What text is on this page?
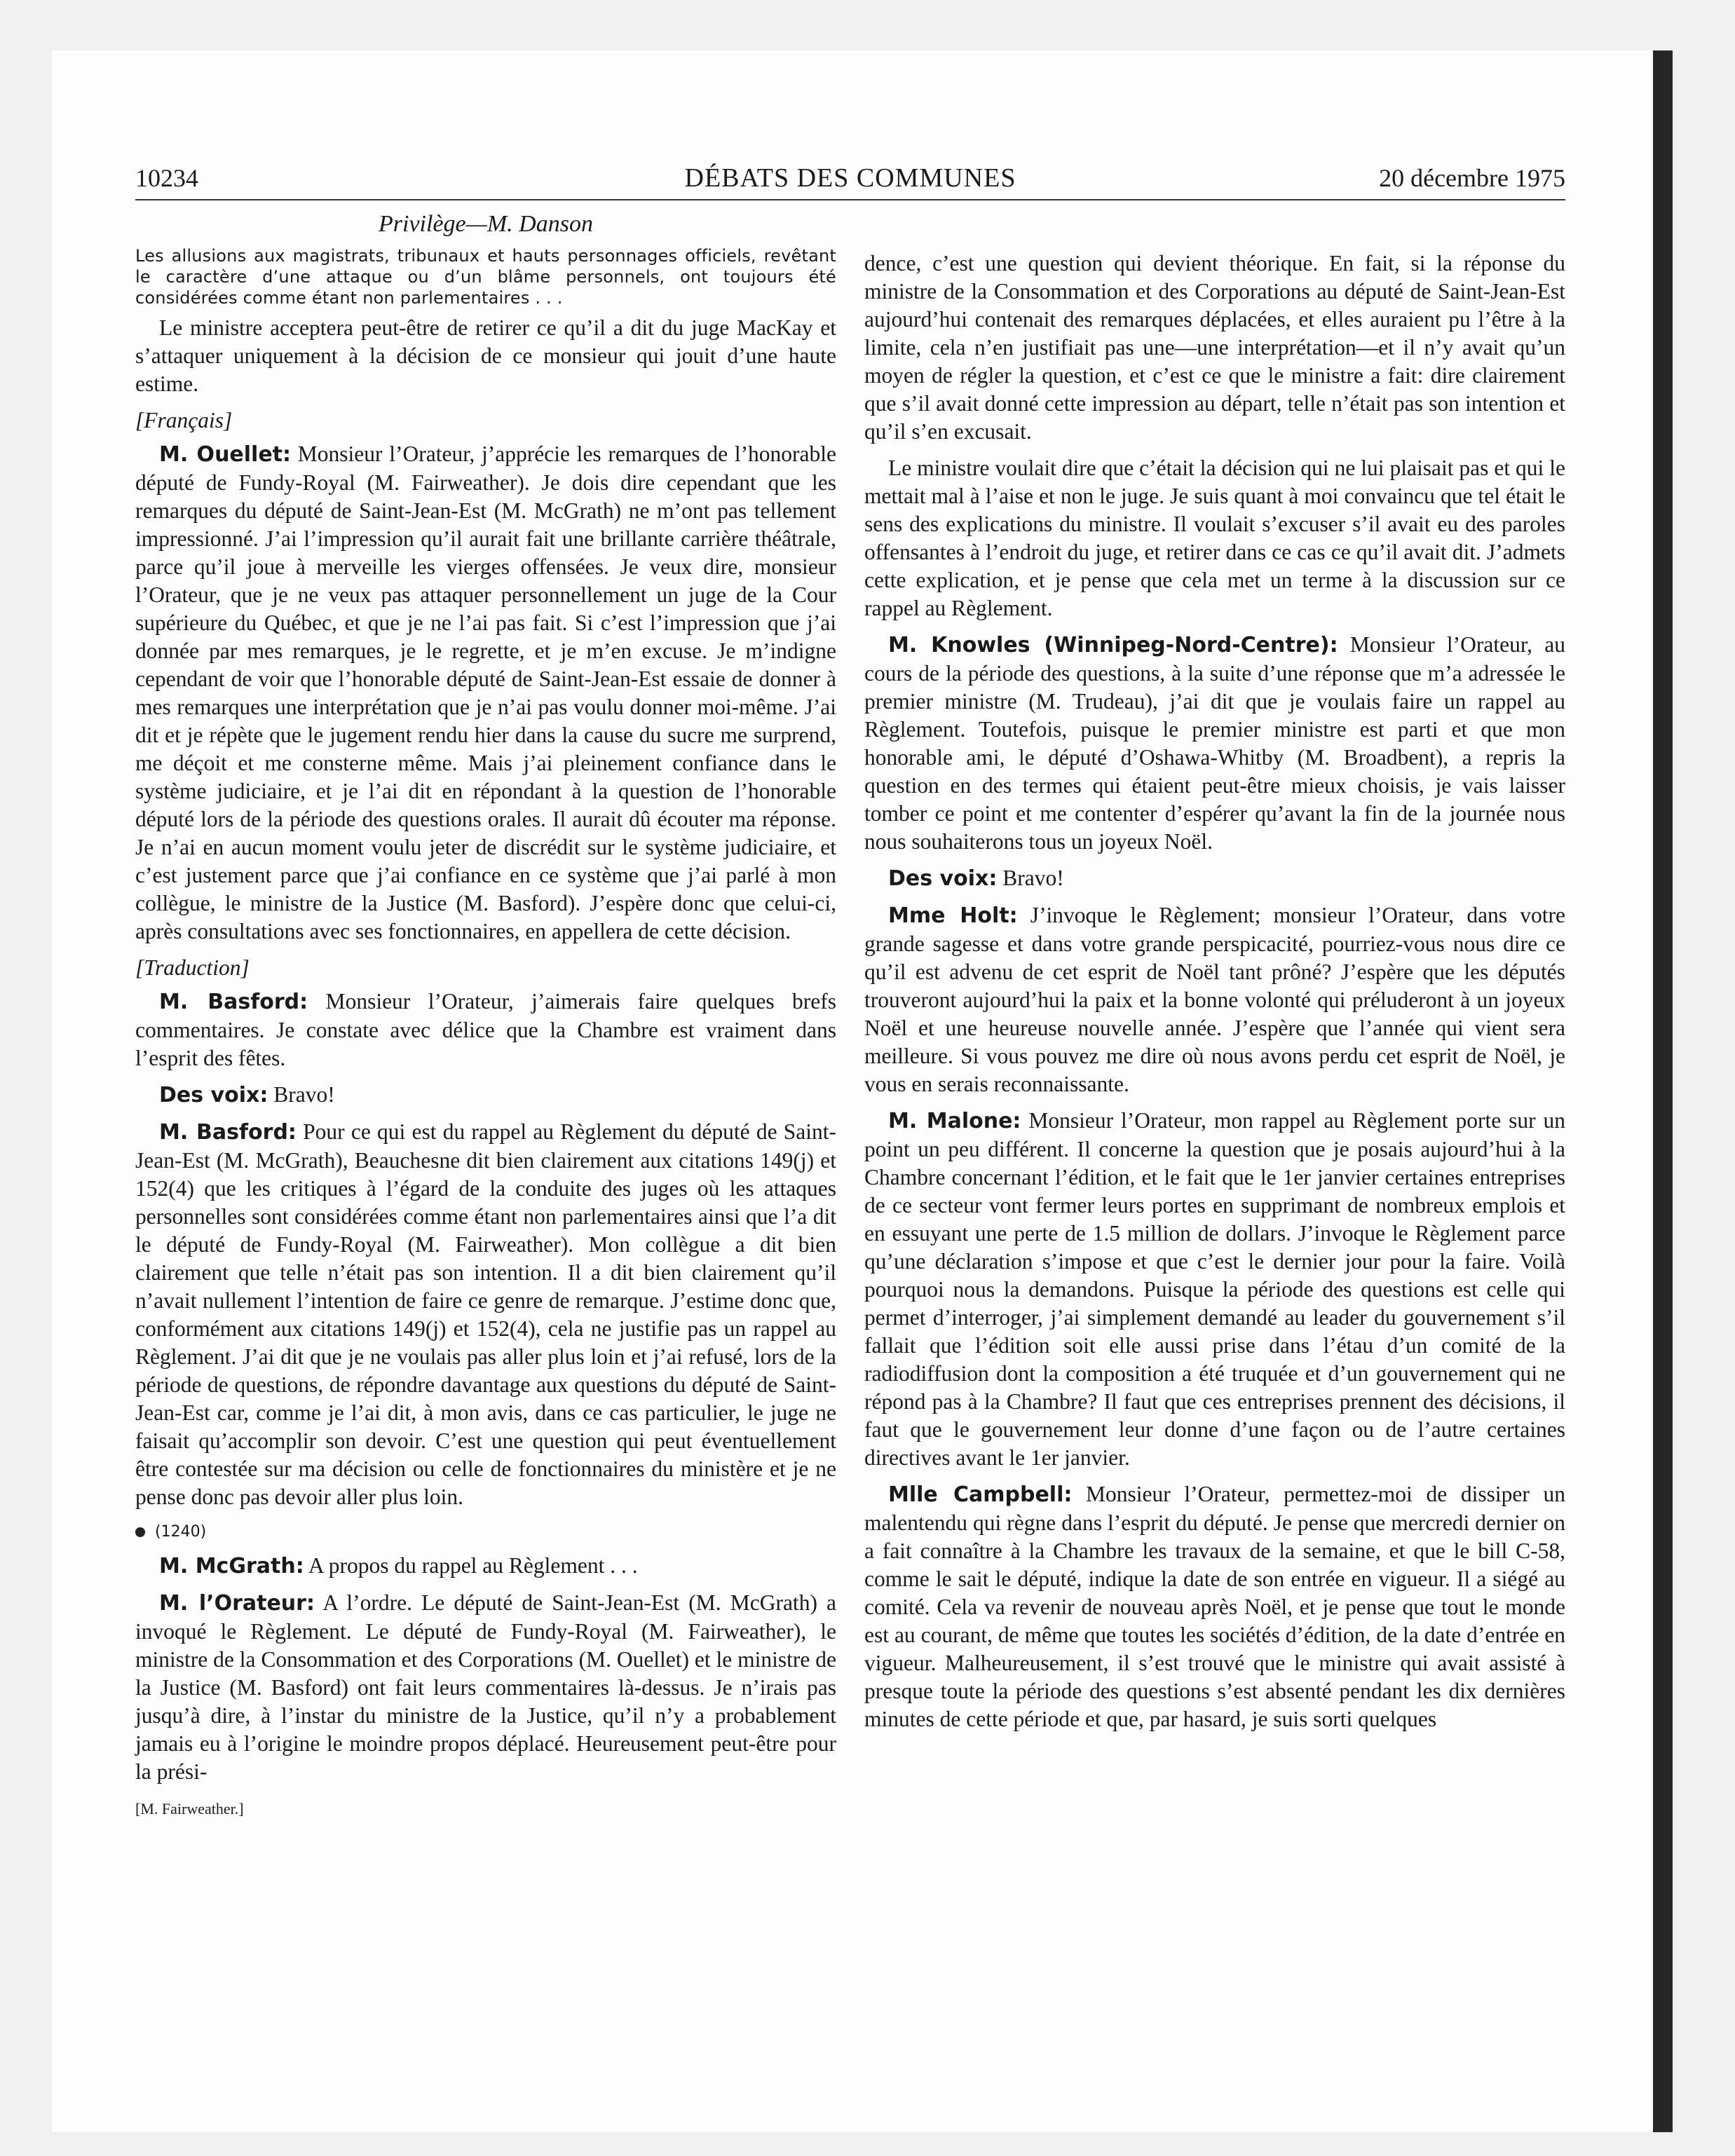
10234	DÉBATS DES COMMUNES	20 décembre 1975
Privilège—M. Danson

Les allusions aux magistrats, tribunaux et hauts personnages officiels, revêtant le caractère d’une attaque ou d’un blâme personnels, ont toujours été considérées comme étant non parlementaires . . .

Le ministre acceptera peut-être de retirer ce qu’il a dit du juge MacKay et s’attaquer uniquement à la décision de ce monsieur qui jouit d’une haute estime.

[Français]

M. Ouellet: Monsieur l’Orateur, j’apprécie les remarques de l’honorable député de Fundy-Royal (M. Fairweather). Je dois dire cependant que les remarques du député de Saint-Jean-Est (M. McGrath) ne m’ont pas tellement impressionné. J’ai l’impression qu’il aurait fait une brillante carrière théâtrale, parce qu’il joue à merveille les vierges offensées. Je veux dire, monsieur l’Orateur, que je ne veux pas attaquer personnellement un juge de la Cour supérieure du Québec, et que je ne l’ai pas fait. Si c’est l’impression que j’ai donnée par mes remarques, je le regrette, et je m’en excuse. Je m’indigne cependant de voir que l’honorable député de Saint-Jean-Est essaie de donner à mes remarques une interprétation que je n’ai pas voulu donner moi-même. J’ai dit et je répète que le jugement rendu hier dans la cause du sucre me surprend, me déçoit et me consterne même. Mais j’ai pleinement confiance dans le système judiciaire, et je l’ai dit en répondant à la question de l’honorable député lors de la période des questions orales. Il aurait dû écouter ma réponse. Je n’ai en aucun moment voulu jeter de discrédit sur le système judiciaire, et c’est justement parce que j’ai confiance en ce système que j’ai parlé à mon collègue, le ministre de la Justice (M. Basford). J’espère donc que celui-ci, après consultations avec ses fonctionnaires, en appellera de cette décision.

[Traduction]

M. Basford: Monsieur l’Orateur, j’aimerais faire quelques brefs commentaires. Je constate avec délice que la Chambre est vraiment dans l’esprit des fêtes.

Des voix: Bravo!

M. Basford: Pour ce qui est du rappel au Règlement du député de Saint-Jean-Est (M. McGrath), Beauchesne dit bien clairement aux citations 149(j) et 152(4) que les critiques à l’égard de la conduite des juges où les attaques personnelles sont considérées comme étant non parlementaires ainsi que l’a dit le député de Fundy-Royal (M. Fairweather). Mon collègue a dit bien clairement que telle n’était pas son intention. Il a dit bien clairement qu’il n’avait nullement l’intention de faire ce genre de remarque. J’estime donc que, conformément aux citations 149(j) et 152(4), cela ne justifie pas un rappel au Règlement. J’ai dit que je ne voulais pas aller plus loin et j’ai refusé, lors de la période de questions, de répondre davantage aux questions du député de Saint-Jean-Est car, comme je l’ai dit, à mon avis, dans ce cas particulier, le juge ne faisait qu’accomplir son devoir. C’est une question qui peut éventuellement être contestée sur ma décision ou celle de fonctionnaires du ministère et je ne pense donc pas devoir aller plus loin.

(1240)

M. McGrath: A propos du rappel au Règlement . . .

M. l’Orateur: A l’ordre. Le député de Saint-Jean-Est (M. McGrath) a invoqué le Règlement. Le député de Fundy-Royal (M. Fairweather), le ministre de la Consommation et des Corporations (M. Ouellet) et le ministre de la Justice (M. Basford) ont fait leurs commentaires là-dessus. Je n’irais pas jusqu’à dire, à l’instar du ministre de la Justice, qu’il n’y a probablement jamais eu à l’origine le moindre propos déplacé. Heureusement peut-être pour la prési-

[M. Fairweather.]

dence, c’est une question qui devient théorique. En fait, si la réponse du ministre de la Consommation et des Corporations au député de Saint-Jean-Est aujourd’hui contenait des remarques déplacées, et elles auraient pu l’être à la limite, cela n’en justifiait pas une—une interprétation—et il n’y avait qu’un moyen de régler la question, et c’est ce que le ministre a fait: dire clairement que s’il avait donné cette impression au départ, telle n’était pas son intention et qu’il s’en excusait.

Le ministre voulait dire que c’était la décision qui ne lui plaisait pas et qui le mettait mal à l’aise et non le juge. Je suis quant à moi convaincu que tel était le sens des explications du ministre. Il voulait s’excuser s’il avait eu des paroles offensantes à l’endroit du juge, et retirer dans ce cas ce qu’il avait dit. J’admets cette explication, et je pense que cela met un terme à la discussion sur ce rappel au Règlement.

M. Knowles (Winnipeg-Nord-Centre): Monsieur l’Orateur, au cours de la période des questions, à la suite d’une réponse que m’a adressée le premier ministre (M. Trudeau), j’ai dit que je voulais faire un rappel au Règlement. Toutefois, puisque le premier ministre est parti et que mon honorable ami, le député d’Oshawa-Whitby (M. Broadbent), a repris la question en des termes qui étaient peut-être mieux choisis, je vais laisser tomber ce point et me contenter d’espérer qu’avant la fin de la journée nous nous souhaiterons tous un joyeux Noël.

Des voix: Bravo!

Mme Holt: J’invoque le Règlement; monsieur l’Orateur, dans votre grande sagesse et dans votre grande perspicacité, pourriez-vous nous dire ce qu’il est advenu de cet esprit de Noël tant prôné? J’espère que les députés trouveront aujourd’hui la paix et la bonne volonté qui préluderont à un joyeux Noël et une heureuse nouvelle année. J’espère que l’année qui vient sera meilleure. Si vous pouvez me dire où nous avons perdu cet esprit de Noël, je vous en serais reconnaissante.

M. Malone: Monsieur l’Orateur, mon rappel au Règlement porte sur un point un peu différent. Il concerne la question que je posais aujourd’hui à la Chambre concernant l’édition, et le fait que le 1er janvier certaines entreprises de ce secteur vont fermer leurs portes en supprimant de nombreux emplois et en essuyant une perte de 1.5 million de dollars. J’invoque le Règlement parce qu’une déclaration s’impose et que c’est le dernier jour pour la faire. Voilà pourquoi nous la demandons. Puisque la période des questions est celle qui permet d’interroger, j’ai simplement demandé au leader du gouvernement s’il fallait que l’édition soit elle aussi prise dans l’étau d’un comité de la radiodiffusion dont la composition a été truquée et d’un gouvernement qui ne répond pas à la Chambre? Il faut que ces entreprises prennent des décisions, il faut que le gouvernement leur donne d’une façon ou de l’autre certaines directives avant le 1er janvier.

Mlle Campbell: Monsieur l’Orateur, permettez-moi de dissiper un malentendu qui règne dans l’esprit du député. Je pense que mercredi dernier on a fait connaître à la Chambre les travaux de la semaine, et que le bill C-58, comme le sait le député, indique la date de son entrée en vigueur. Il a siégé au comité. Cela va revenir de nouveau après Noël, et je pense que tout le monde est au courant, de même que toutes les sociétés d’édition, de la date d’entrée en vigueur. Malheureusement, il s’est trouvé que le ministre qui avait assisté à presque toute la période des questions s’est absenté pendant les dix dernières minutes de cette période et que, par hasard, je suis sorti quelques
